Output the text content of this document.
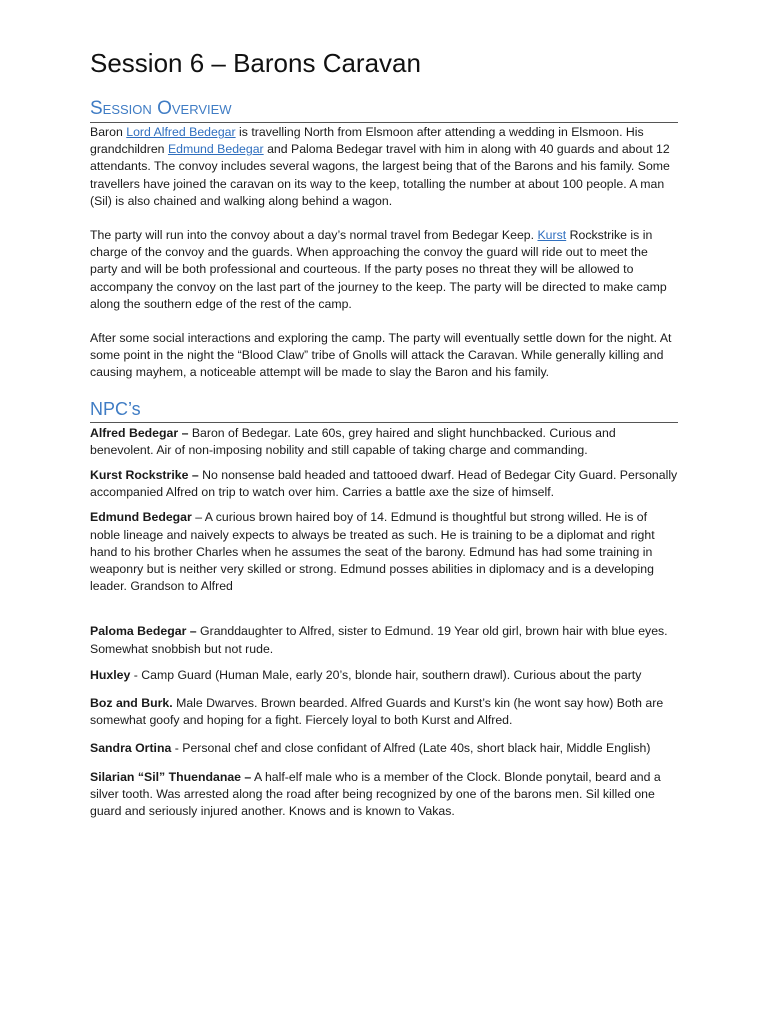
Session 6 – Barons Caravan
Session Overview

Baron Lord Alfred Bedegar is travelling North from Elsmoon after attending a wedding in Elsmoon. His grandchildren Edmund Bedegar and Paloma Bedegar travel with him in along with 40 guards and about 12 attendants. The convoy includes several wagons, the largest being that of the Barons and his family. Some travellers have joined the caravan on its way to the keep, totalling the number at about 100 people. A man (Sil) is also chained and walking along behind a wagon.

The party will run into the convoy about a day’s normal travel from Bedegar Keep. Kurst Rockstrike is in charge of the convoy and the guards. When approaching the convoy the guard will ride out to meet the party and will be both professional and courteous. If the party poses no threat they will be allowed to accompany the convoy on the last part of the journey to the keep. The party will be directed to make camp along the southern edge of the rest of the camp.

After some social interactions and exploring the camp. The party will eventually settle down for the night. At some point in the night the “Blood Claw” tribe of Gnolls will attack the Caravan. While generally killing and causing mayhem, a noticeable attempt will be made to slay the Baron and his family.

NPC’s

Alfred Bedegar – Baron of Bedegar. Late 60s, grey haired and slight hunchbacked. Curious and benevolent. Air of non-imposing nobility and still capable of taking charge and commanding.

Kurst Rockstrike – No nonsense bald headed and tattooed dwarf. Head of Bedegar City Guard. Personally accompanied Alfred on trip to watch over him. Carries a battle axe the size of himself.

Edmund Bedegar – A curious brown haired boy of 14. Edmund is thoughtful but strong willed. He is of noble lineage and naively expects to always be treated as such. He is training to be a diplomat and right hand to his brother Charles when he assumes the seat of the barony. Edmund has had some training in weaponry but is neither very skilled or strong. Edmund posses abilities in diplomacy and is a developing leader. Grandson to Alfred

Paloma Bedegar – Granddaughter to Alfred, sister to Edmund. 19 Year old girl, brown hair with blue eyes. Somewhat snobbish but not rude.

Huxley - Camp Guard (Human Male, early 20’s, blonde hair, southern drawl). Curious about the party

Boz and Burk. Male Dwarves. Brown bearded. Alfred Guards and Kurst’s kin (he wont say how) Both are somewhat goofy and hoping for a fight. Fiercely loyal to both Kurst and Alfred.

Sandra Ortina - Personal chef and close confidant of Alfred (Late 40s, short black hair, Middle English)

Silarian “Sil” Thuendanae – A half-elf male who is a member of the Clock. Blonde ponytail, beard and a silver tooth. Was arrested along the road after being recognized by one of the barons men. Sil killed one guard and seriously injured another. Knows and is known to Vakas.
